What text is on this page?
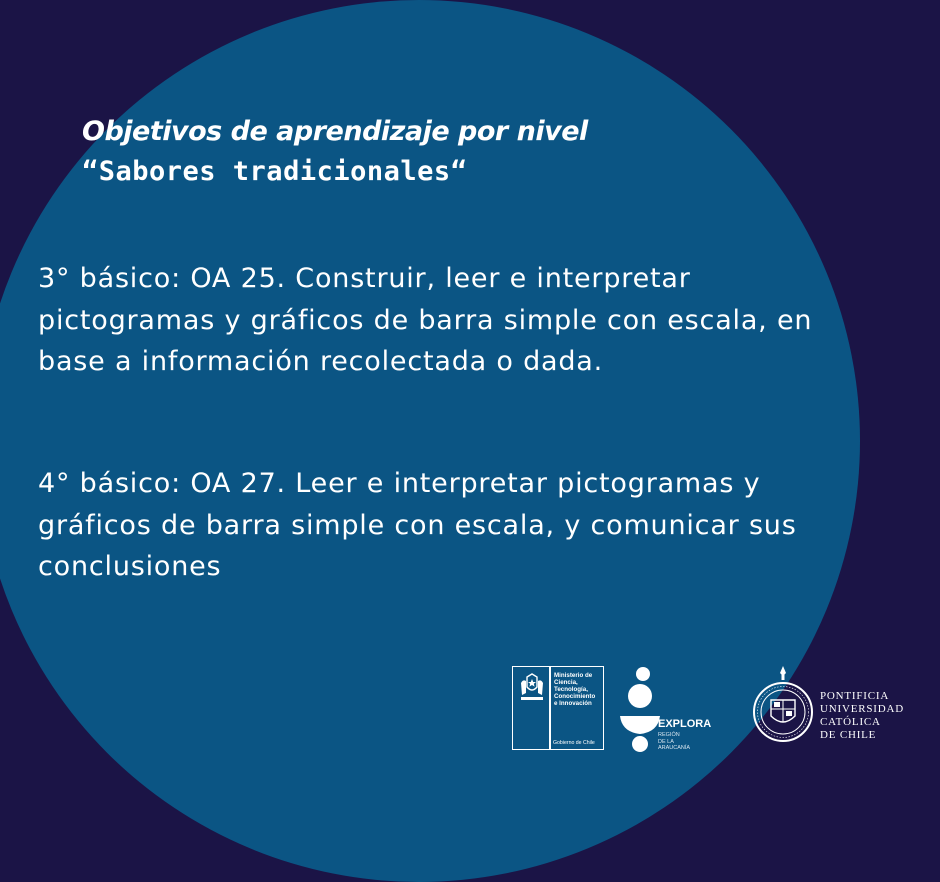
Objetivos de aprendizaje por nivel
“Sabores tradicionales“
3° básico: OA 25. Construir, leer e interpretar pictogramas y gráficos de barra simple con escala, en base a información recolectada o dada.
4° básico: OA 27. Leer e interpretar pictogramas y gráficos de barra simple con escala, y comunicar sus conclusiones
Ministerio de
Ciencia,
Tecnología,
Conocimiento
e Innovación
Gobierno de Chile
EXPLORA
REGIÓN
DE LA
ARAUCANÍA
PONTIFICIA
UNIVERSIDAD
CATÓLICA
DE CHILE
